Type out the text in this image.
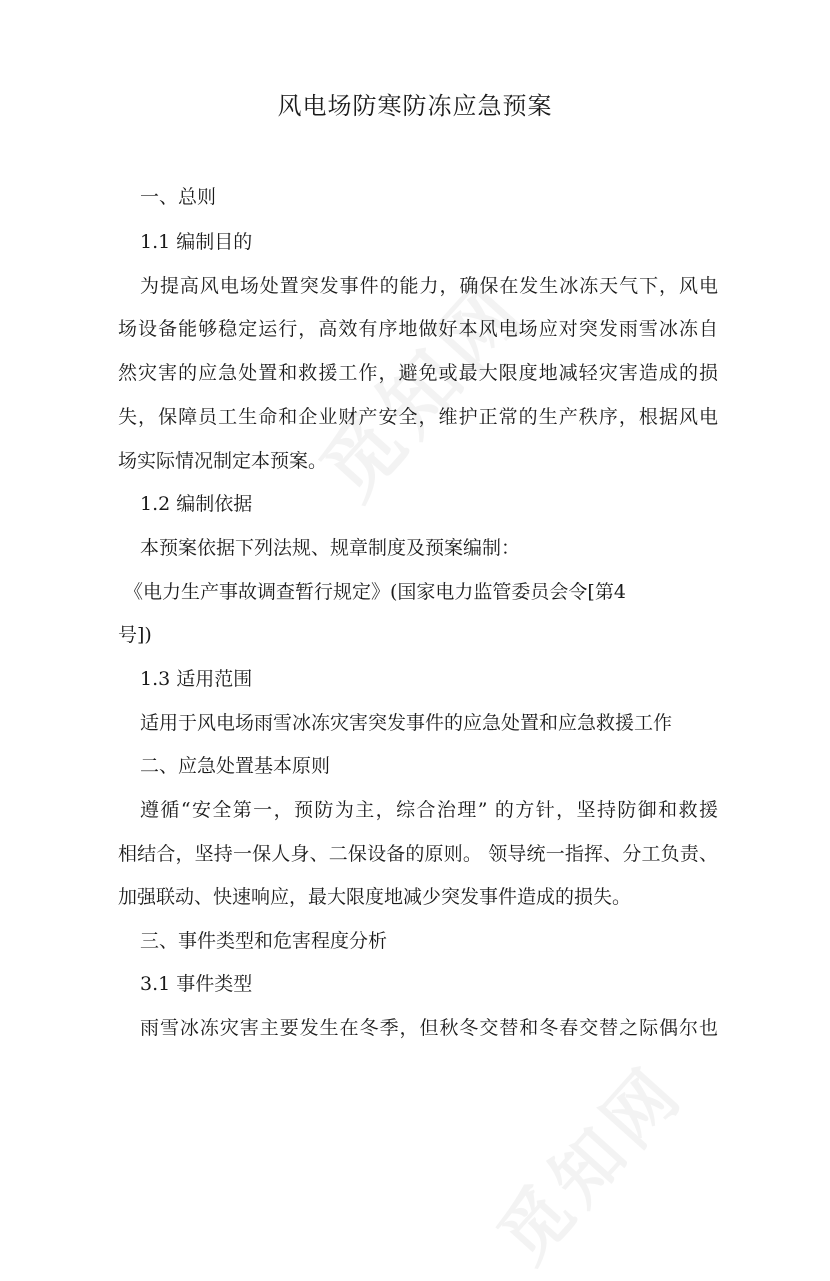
风电场防寒防冻应急预案
一、总则
1.1 编制目的
为提高风电场处置突发事件的能力，确保在发生冰冻天气下，风电
场设备能够稳定运行，高效有序地做好本风电场应对突发雨雪冰冻自
然灾害的应急处置和救援工作，避免或最大限度地减轻灾害造成的损
失，保障员工生命和企业财产安全，维护正常的生产秩序，根据风电
场实际情况制定本预案。
1.2 编制依据
本预案依据下列法规、规章制度及预案编制：
《电力生产事故调查暂行规定》(国家电力监管委员会令[第4
号])
1.3 适用范围
适用于风电场雨雪冰冻灾害突发事件的应急处置和应急救援工作
二、应急处置基本原则
遵循“安全第一，预防为主，综合治理” 的方针，坚持防御和救援
相结合，坚持一保人身、二保设备的原则。 领导统一指挥、分工负责、
加强联动、快速响应，最大限度地减少突发事件造成的损失。
三、事件类型和危害程度分析
3.1 事件类型
雨雪冰冻灾害主要发生在冬季，但秋冬交替和冬春交替之际偶尔也
